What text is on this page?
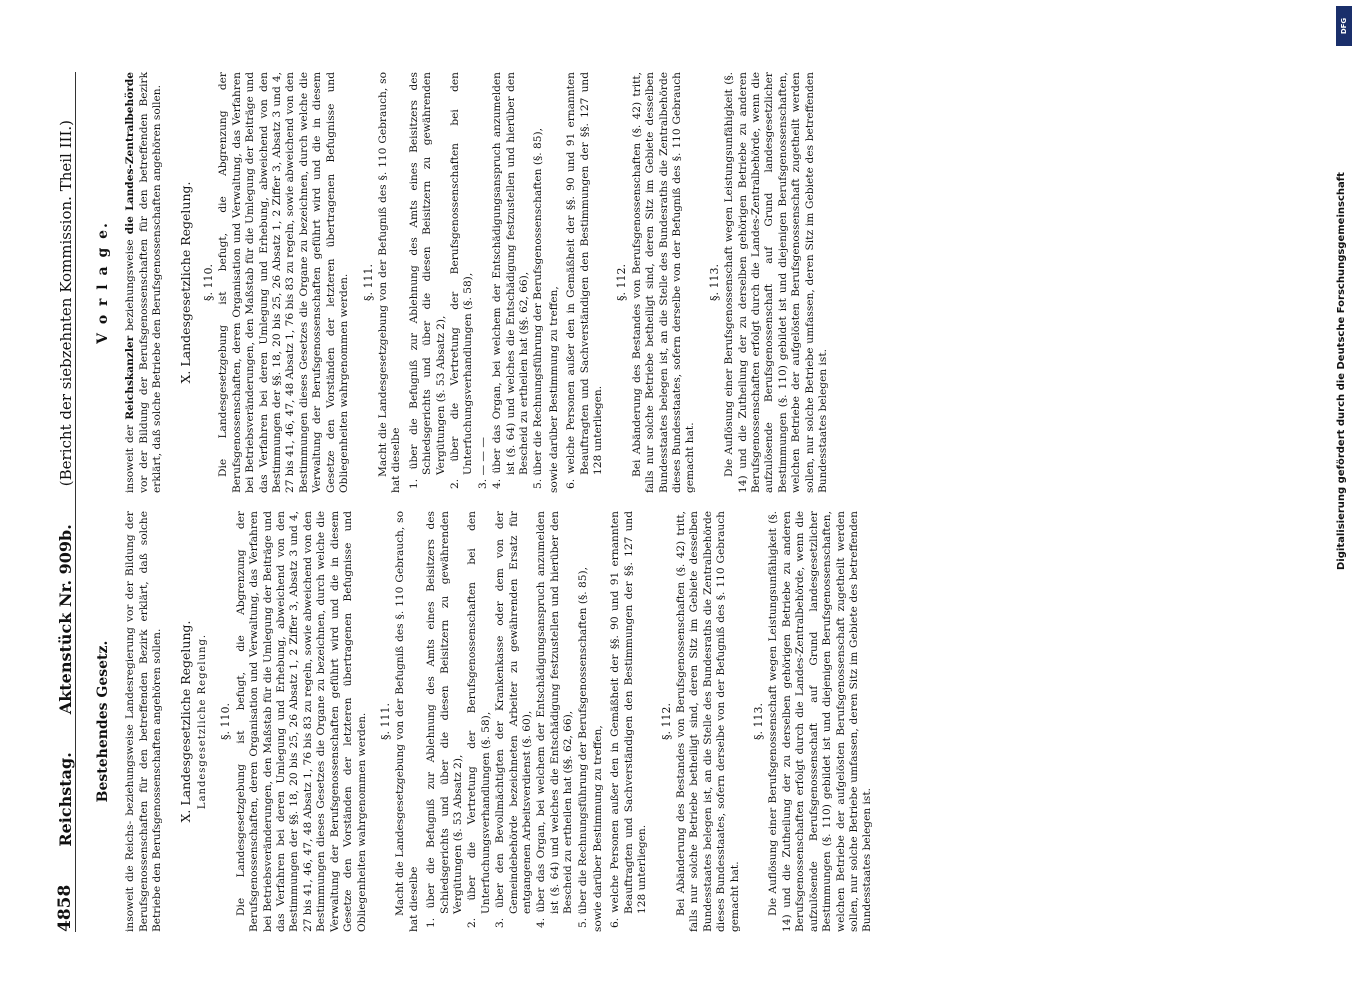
4858
Reichstag.
Aktenstück Nr. 909b.
(Bericht der siebzehnten Kommission. Theil III.)
Bestehendes Gesetz. insoweit die Reichs- beziehungsweise Landesregierung vor der Bildung der Berufsgenossenschaften für den betreffenden Bezirk erklärt, daß solche Betriebe den Berufsgenossenschaften angehören sollen. X. Landesgesetzliche Regelung. Landesgesetzliche Regelung. §. 110. Die Landesgesetzgebung ist befugt, die Abgrenzung der Berufsgenossenschaften, deren Organisation und Verwaltung, das Verfahren bei Betriebsveränderungen, den Maßstab für die Umlegung der Beiträge und das Verfahren bei deren Umlegung und Erhebung, abweichend von den Bestimmungen der §§. 18, 20 bis 25, 26 Absatz 1, 2 Ziffer 3, Absatz 3 und 4, 27 bis 41, 46, 47, 48 Absatz 1, 76 bis 83 zu regeln, sowie abweichend von den Bestimmungen dieses Gesetzes die Organe zu bezeichnen, durch welche die Verwaltung der Berufsgenossenschaften geführt wird und die in diesem Gesetze den Vorständen der letzteren übertragenen Befugnisse und Obliegenheiten wahrgenommen werden. §. 111. Macht die Landesgesetzgebung von der Befugniß des §. 110 Gebrauch, so hat dieselbe 1. über die Befugniß zur Ablehnung des Amts eines Beisitzers des Schiedsgerichts und über die diesen Beisitzern zu gewährenden Vergütungen (§. 53 Absatz 2), 2. über die Vertretung der Berufsgenossenschaften bei den Unterfuchungsverhandlungen (§. 58), 3. über den Bevollmächtigten der Krankenkasse oder dem von der Gemeindebehörde bezeichneten Arbeiter zu gewährenden Ersatz für entgangenen Arbeitsverdienst (§. 60), 4. über das Organ, bei welchem der Entschädigungsanspruch anzumelden ist (§. 64) und welches die Entschädigung festzustellen und hierüber den Bescheid zu ertheilen hat (§§. 62, 66), 5. über die Rechnungsführung der Berufsgenossenschaften (§. 85), sowie darüber Bestimmung zu treffen, 6. welche Personen außer den in Gemäßheit der §§. 90 und 91 ernannten Beauftragten und Sachverständigen den Bestimmungen der §§. 127 und 128 unterliegen.
§. 112. Bei Abänderung des Bestandes von Berufsgenossenschaften (§. 42) tritt, falls nur solche Betriebe betheiligt sind, deren Sitz im Gebiete desselben Bundesstaates belegen ist, an die Stelle des Bundesraths die Zentralbehörde dieses Bundesstaates, sofern derselbe von der Befugniß des §. 110 Gebrauch gemacht hat.

§. 113. Die Auflösung einer Berufsgenossenschaft wegen Leistungsunfähigkeit (§. 14) und die Zutheilung der zu derselben gehörigen Betriebe zu anderen Berufsgenossenschaften erfolgt durch die Landes-Zentralbehörde, wenn die aufzulösende Berufsgenossenschaft auf Grund landesgesetzlicher Bestimmungen (§. 110) gebildet ist und diejenigen Berufsgenossenschaften, welchen Betriebe der aufgelösten Berufsgenossenschaft zugetheilt werden sollen, nur solche Betriebe umfassen, deren Sitz im Gebiete des betreffenden Bundesstaates belegen ist.

V o r l a g e.

insoweit der Reichskanzler beziehungsweise die Landes-Zentralbehörde vor der Bildung der Berufsgenossenschaften für den betreffenden Bezirk erklärt, daß solche Betriebe den Berufsgenossenschaften angehören sollen. X. Landesgesetzliche Regelung. §. 110. Die Landesgesetzgebung ist befugt, die Abgrenzung der Berufsgenossenschaften, deren Organisation und Verwaltung, das Verfahren bei Betriebsveränderungen, den Maßstab für die Umlegung der Beiträge und das Verfahren bei deren Umlegung und Erhebung, abweichend von den Bestimmungen der §§. 18, 20 bis 25, 26 Absatz 1, 2 Ziffer 3, Absatz 3 und 4, 27 bis 41, 46, 47, 48 Absatz 1, 76 bis 83 zu regeln, sowie abweichend von den Bestimmungen dieses Gesetzes die Organe zu bezeichnen, durch welche die Verwaltung der Berufsgenossenschaften geführt wird und die in diesem Gesetze den Vorständen der letzteren übertragenen Befugnisse und Obliegenheiten wahrgenommen werden. §. 111. Macht die Landesgesetzgebung von der Befugniß des §. 110 Gebrauch, so hat dieselbe 1. über die Befugniß zur Ablehnung des Amts eines Beisitzers des Schiedsgerichts und über die diesen Beisitzern zu gewährenden Vergütungen (§. 53 Absatz 2), 2. über die Vertretung der Berufsgenossenschaften bei den Unterfuchungsverhandlungen (§. 58), 3. — — — 4. über das Organ, bei welchem der Entschädigungsanspruch anzumelden ist (§. 64) und welches die Entschädigung festzustellen und hierüber den Bescheid zu ertheilen hat (§§. 62, 66), 5. über die Rechnungsführung der Berufsgenossenschaften (§. 85), sowie darüber Bestimmung zu treffen, 6. welche Personen außer den in Gemäßheit der §§. 90 und 91 ernannten Beauftragten und Sachverständigen den Bestimmungen der §§. 127 und 128 unterliegen.
§. 112. Bei Abänderung des Bestandes von Berufsgenossenschaften (§. 42) tritt, falls nur solche Betriebe betheiligt sind, deren Sitz im Gebiete desselben Bundesstaates belegen ist, an die Stelle des Bundesraths die Zentralbehörde dieses Bundesstaates, sofern derselbe von der Befugniß des §. 110 Gebrauch gemacht hat.

§. 113. Die Auflösung einer Berufsgenossenschaft wegen Leistungsunfähigkeit (§. 14) und die Zutheilung der zu derselben gehörigen Betriebe zu anderen Berufsgenossenschaften erfolgt durch die Landes-Zentralbehörde, wenn die aufzulösende Berufsgenossenschaft auf Grund landesgesetzlicher Bestimmungen (§. 110) gebildet ist und diejenigen Berufsgenossenschaften, welchen Betriebe der aufgelösten Berufsgenossenschaft zugetheilt werden sollen, nur solche Betriebe umfassen, deren Sitz im Gebiete des betreffenden Bundesstaates belegen ist.

DFG
Digitalisierung gefördert durch die Deutsche Forschungsgemeinschaft
